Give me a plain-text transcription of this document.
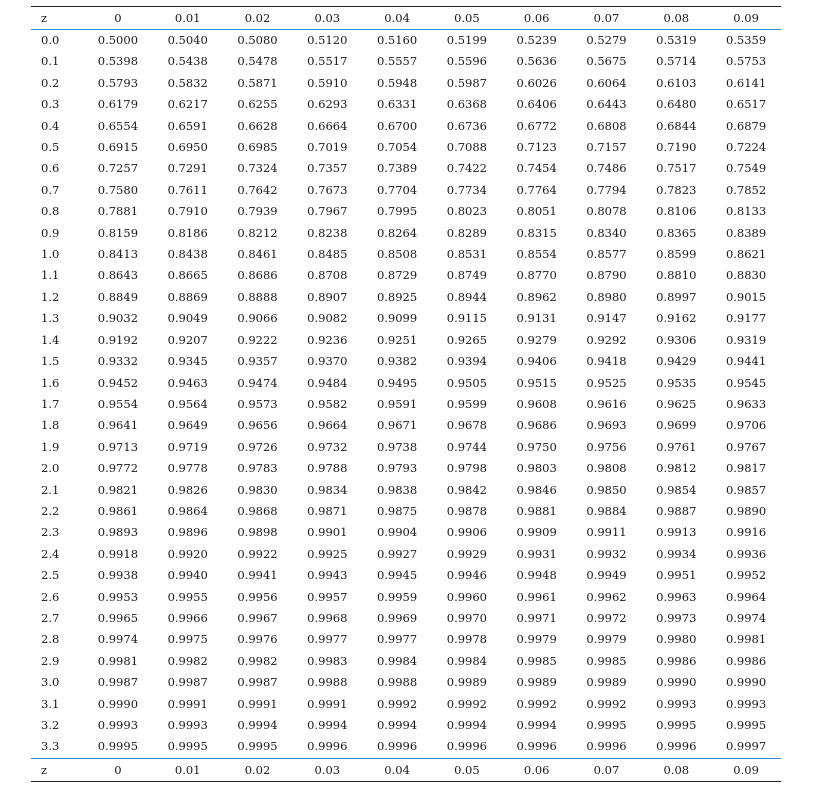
z	0	0.01	0.02	0.03	0.04	0.05	0.06	0.07	0.08	0.09
0.0	0.5000	0.5040	0.5080	0.5120	0.5160	0.5199	0.5239	0.5279	0.5319	0.5359
0.1	0.5398	0.5438	0.5478	0.5517	0.5557	0.5596	0.5636	0.5675	0.5714	0.5753
0.2	0.5793	0.5832	0.5871	0.5910	0.5948	0.5987	0.6026	0.6064	0.6103	0.6141
0.3	0.6179	0.6217	0.6255	0.6293	0.6331	0.6368	0.6406	0.6443	0.6480	0.6517
0.4	0.6554	0.6591	0.6628	0.6664	0.6700	0.6736	0.6772	0.6808	0.6844	0.6879
0.5	0.6915	0.6950	0.6985	0.7019	0.7054	0.7088	0.7123	0.7157	0.7190	0.7224
0.6	0.7257	0.7291	0.7324	0.7357	0.7389	0.7422	0.7454	0.7486	0.7517	0.7549
0.7	0.7580	0.7611	0.7642	0.7673	0.7704	0.7734	0.7764	0.7794	0.7823	0.7852
0.8	0.7881	0.7910	0.7939	0.7967	0.7995	0.8023	0.8051	0.8078	0.8106	0.8133
0.9	0.8159	0.8186	0.8212	0.8238	0.8264	0.8289	0.8315	0.8340	0.8365	0.8389
1.0	0.8413	0.8438	0.8461	0.8485	0.8508	0.8531	0.8554	0.8577	0.8599	0.8621
1.1	0.8643	0.8665	0.8686	0.8708	0.8729	0.8749	0.8770	0.8790	0.8810	0.8830
1.2	0.8849	0.8869	0.8888	0.8907	0.8925	0.8944	0.8962	0.8980	0.8997	0.9015
1.3	0.9032	0.9049	0.9066	0.9082	0.9099	0.9115	0.9131	0.9147	0.9162	0.9177
1.4	0.9192	0.9207	0.9222	0.9236	0.9251	0.9265	0.9279	0.9292	0.9306	0.9319
1.5	0.9332	0.9345	0.9357	0.9370	0.9382	0.9394	0.9406	0.9418	0.9429	0.9441
1.6	0.9452	0.9463	0.9474	0.9484	0.9495	0.9505	0.9515	0.9525	0.9535	0.9545
1.7	0.9554	0.9564	0.9573	0.9582	0.9591	0.9599	0.9608	0.9616	0.9625	0.9633
1.8	0.9641	0.9649	0.9656	0.9664	0.9671	0.9678	0.9686	0.9693	0.9699	0.9706
1.9	0.9713	0.9719	0.9726	0.9732	0.9738	0.9744	0.9750	0.9756	0.9761	0.9767
2.0	0.9772	0.9778	0.9783	0.9788	0.9793	0.9798	0.9803	0.9808	0.9812	0.9817
2.1	0.9821	0.9826	0.9830	0.9834	0.9838	0.9842	0.9846	0.9850	0.9854	0.9857
2.2	0.9861	0.9864	0.9868	0.9871	0.9875	0.9878	0.9881	0.9884	0.9887	0.9890
2.3	0.9893	0.9896	0.9898	0.9901	0.9904	0.9906	0.9909	0.9911	0.9913	0.9916
2.4	0.9918	0.9920	0.9922	0.9925	0.9927	0.9929	0.9931	0.9932	0.9934	0.9936
2.5	0.9938	0.9940	0.9941	0.9943	0.9945	0.9946	0.9948	0.9949	0.9951	0.9952
2.6	0.9953	0.9955	0.9956	0.9957	0.9959	0.9960	0.9961	0.9962	0.9963	0.9964
2.7	0.9965	0.9966	0.9967	0.9968	0.9969	0.9970	0.9971	0.9972	0.9973	0.9974
2.8	0.9974	0.9975	0.9976	0.9977	0.9977	0.9978	0.9979	0.9979	0.9980	0.9981
2.9	0.9981	0.9982	0.9982	0.9983	0.9984	0.9984	0.9985	0.9985	0.9986	0.9986
3.0	0.9987	0.9987	0.9987	0.9988	0.9988	0.9989	0.9989	0.9989	0.9990	0.9990
3.1	0.9990	0.9991	0.9991	0.9991	0.9992	0.9992	0.9992	0.9992	0.9993	0.9993
3.2	0.9993	0.9993	0.9994	0.9994	0.9994	0.9994	0.9994	0.9995	0.9995	0.9995
3.3	0.9995	0.9995	0.9995	0.9996	0.9996	0.9996	0.9996	0.9996	0.9996	0.9997
z	0	0.01	0.02	0.03	0.04	0.05	0.06	0.07	0.08	0.09
